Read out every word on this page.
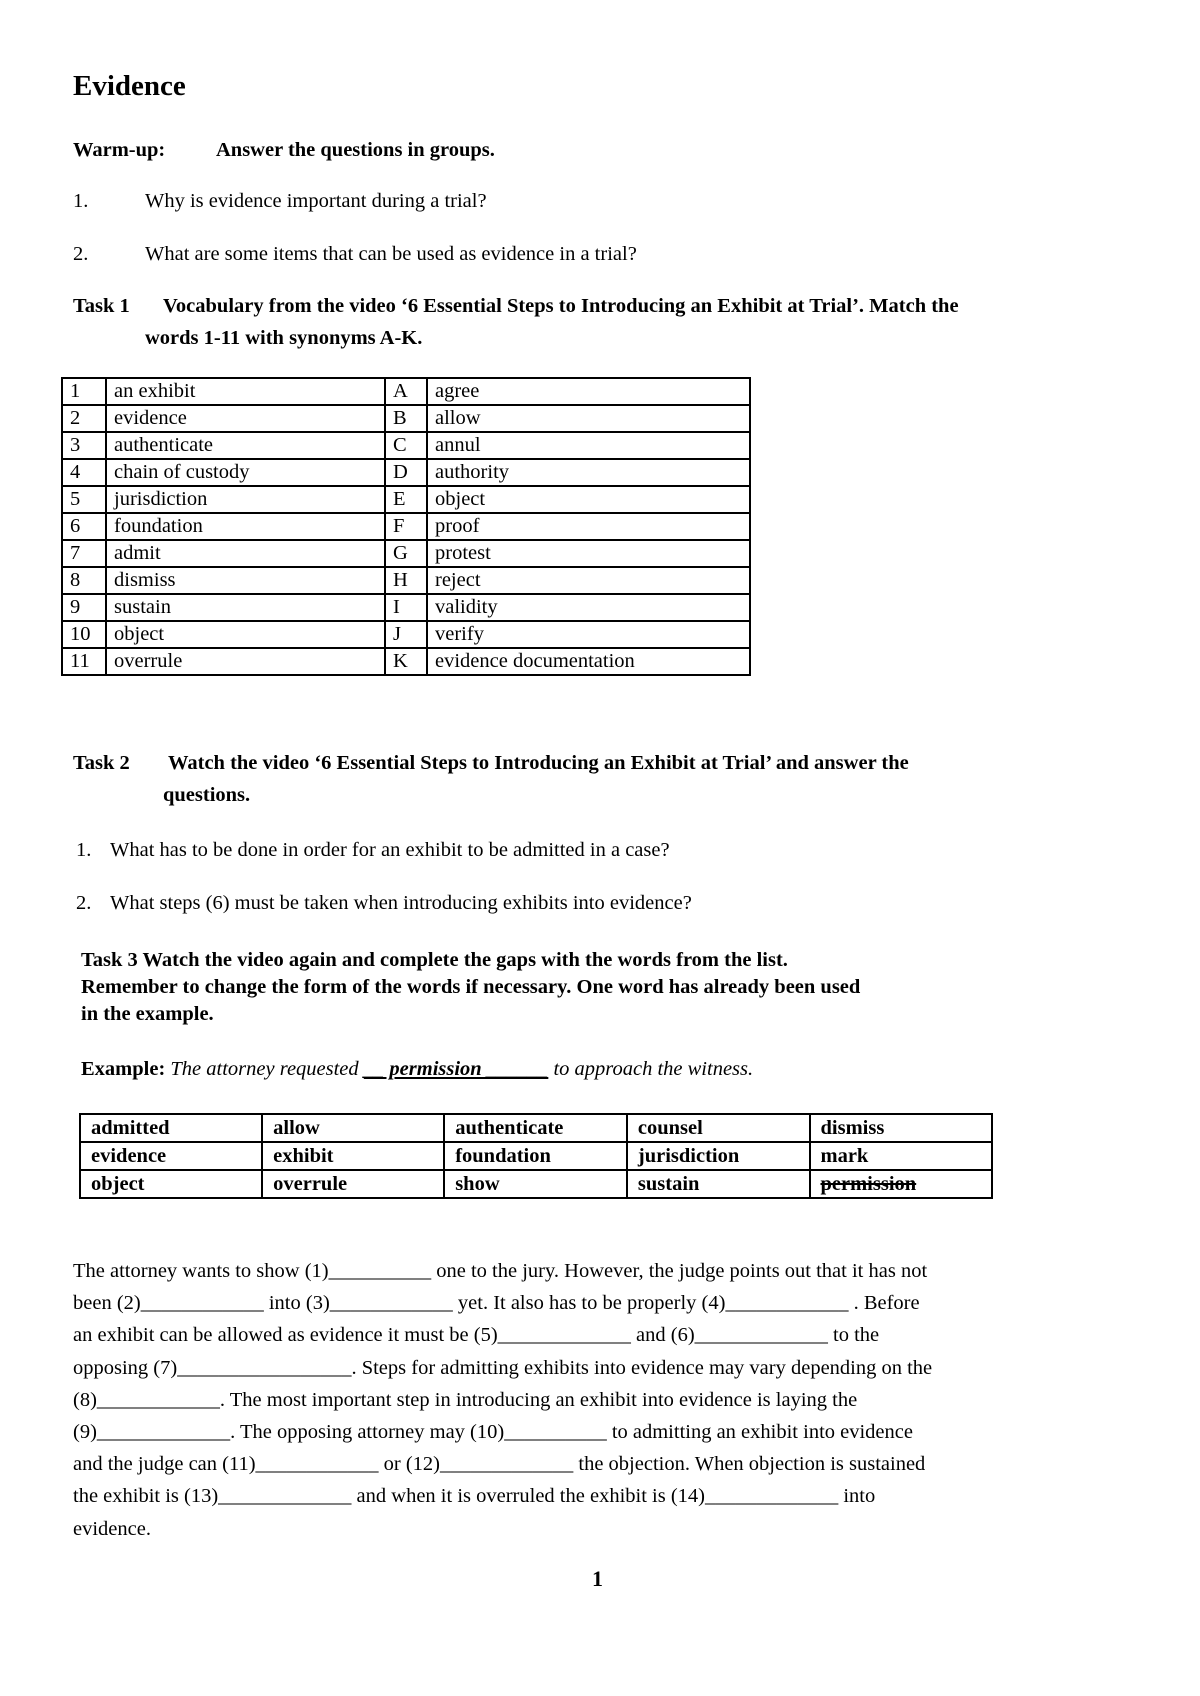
Evidence
Warm-up: Answer the questions in groups.
1.	Why is evidence important during a trial?
2.	What are some items that can be used as evidence in a trial?
Task 1 Vocabulary from the video ‘6 Essential Steps to Introducing an Exhibit at Trial’. Match the
words 1-11 with synonyms A-K.
1	an exhibit	A	agree
2	evidence	B	allow
3	authenticate	C	annul
4	chain of custody	D	authority
5	jurisdiction	E	object
6	foundation	F	proof
7	admit	G	protest
8	dismiss	H	reject
9	sustain	I	validity
10	object	J	verify
11	overrule	K	evidence documentation
Task 2 Watch the video ‘6 Essential Steps to Introducing an Exhibit at Trial’ and answer the
questions.
1. What has to be done in order for an exhibit to be admitted in a case?
2. What steps (6) must be taken when introducing exhibits into evidence?
Task 3 Watch the video again and complete the gaps with the words from the list.
Remember to change the form of the words if necessary. One word has already been used
in the example.
Example: The attorney requested __ permission ______ to approach the witness.
admitted	allow	authenticate	counsel	dismiss
evidence	exhibit	foundation	jurisdiction	mark
object	overrule	show	sustain	permission
The attorney wants to show (1)__________ one to the jury. However, the judge points out that it has not
been (2)____________ into (3)____________ yet. It also has to be properly (4)____________ . Before
an exhibit can be allowed as evidence it must be (5)_____________ and (6)_____________ to the
opposing (7)_________________. Steps for admitting exhibits into evidence may vary depending on the
(8)____________. The most important step in introducing an exhibit into evidence is laying the
(9)_____________. The opposing attorney may (10)__________ to admitting an exhibit into evidence
and the judge can (11)____________ or (12)_____________ the objection. When objection is sustained
the exhibit is (13)_____________ and when it is overruled the exhibit is (14)_____________ into
evidence.
1
